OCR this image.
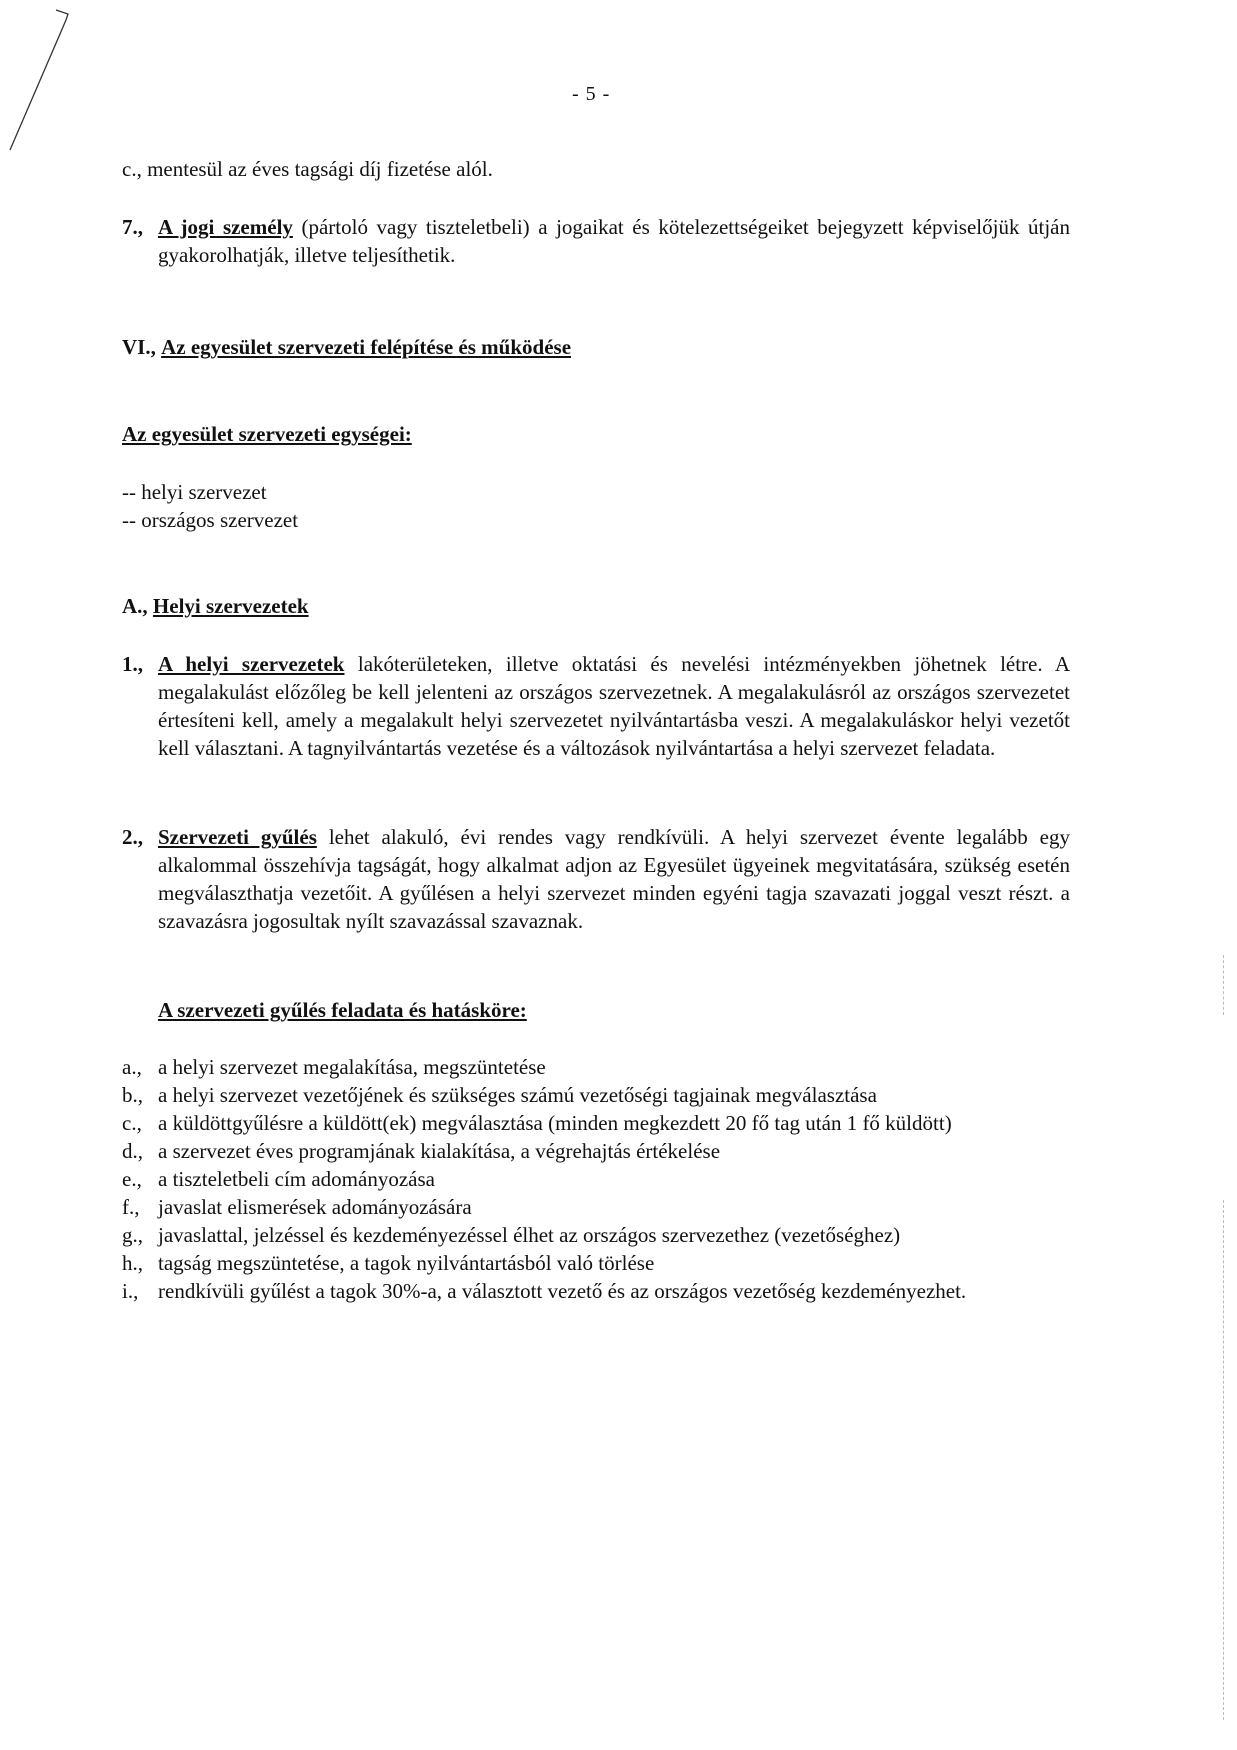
- 5 -
c., mentesül az éves tagsági díj fizetése alól.
7., A jogi személy (pártoló vagy tiszteletbeli) a jogaikat és kötelezettségeiket bejegyzett képviselőjük útján gyakorolhatják, illetve teljesíthetik.
VI., Az egyesület szervezeti felépítése és működése
Az egyesület szervezeti egységei:
-- helyi szervezet
-- országos szervezet
A., Helyi szervezetek
1., A helyi szervezetek lakóterületeken, illetve oktatási és nevelési intézményekben jöhetnek létre. A megalakulást előzőleg be kell jelenteni az országos szervezetnek. A megalakulásról az országos szervezetet értesíteni kell, amely a megalakult helyi szervezetet nyilvántartásba veszi. A megalakuláskor helyi vezetőt kell választani. A tagnyilvántartás vezetése és a változások nyilvántartása a helyi szervezet feladata.
2., Szervezeti gyűlés lehet alakuló, évi rendes vagy rendkívüli. A helyi szervezet évente legalább egy alkalommal összehívja tagságát, hogy alkalmat adjon az Egyesület ügyeinek megvitatására, szükség esetén megválaszthatja vezetőit. A gyűlésen a helyi szervezet minden egyéni tagja szavazati joggal veszt részt. a szavazásra jogosultak nyílt szavazással szavaznak.
A szervezeti gyűlés feladata és hatásköre:
a., a helyi szervezet megalakítása, megszüntetése
b., a helyi szervezet vezetőjének és szükséges számú vezetőségi tagjainak megválasztása
c., a küldöttgyűlésre a küldött(ek) megválasztása (minden megkezdett 20 fő tag után 1 fő küldött)
d., a szervezet éves programjának kialakítása, a végrehajtás értékelése
e., a tiszteletbeli cím adományozása
f., javaslat elismerések adományozására
g., javaslattal, jelzéssel és kezdeményezéssel élhet az országos szervezethez (vezetőséghez)
h., tagság megszüntetése, a tagok nyilvántartásból való törlése
i., rendkívüli gyűlést a tagok 30%-a, a választott vezető és az országos vezetőség kezdeményezhet.
